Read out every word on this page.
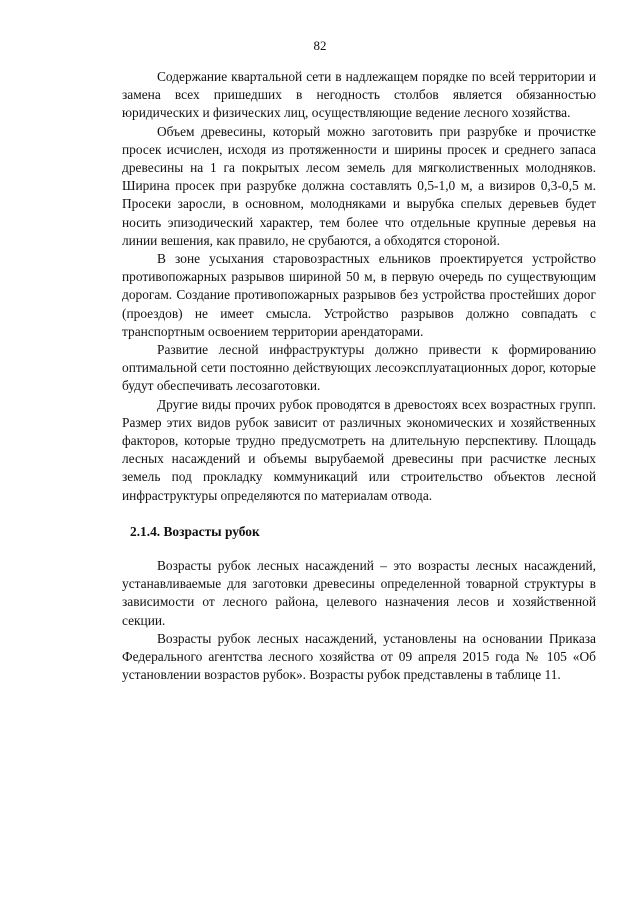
82

Содержание квартальной сети в надлежащем порядке по всей территории и замена всех пришедших в негодность столбов является обязанностью юридических и физических лиц, осуществляющие ведение лесного хозяйства.

Объем древесины, который можно заготовить при разрубке и прочистке просек исчислен, исходя из протяженности и ширины просек и среднего запаса древесины на 1 га покрытых лесом земель для мягколиственных молодняков. Ширина просек при разрубке должна составлять 0,5-1,0 м, а визиров 0,3-0,5 м. Просеки заросли, в основном, молодняками и вырубка спелых деревьев будет носить эпизодический характер, тем более что отдельные крупные деревья на линии вешения, как правило, не срубаются, а обходятся стороной.

В зоне усыхания старовозрастных ельников проектируется устройство противопожарных разрывов шириной 50 м, в первую очередь по существующим дорогам. Создание противопожарных разрывов без устройства простейших дорог (проездов) не имеет смысла. Устройство разрывов должно совпадать с транспортным освоением территории арендаторами.

Развитие лесной инфраструктуры должно привести к формированию оптимальной сети постоянно действующих лесоэксплуатационных дорог, которые будут обеспечивать лесозаготовки.

Другие виды прочих рубок проводятся в древостоях всех возрастных групп. Размер этих видов рубок зависит от различных экономических и хозяйственных факторов, которые трудно предусмотреть на длительную перспективу. Площадь лесных насаждений и объемы вырубаемой древесины при расчистке лесных земель под прокладку коммуникаций или строительство объектов лесной инфраструктуры определяются по материалам отвода.

2.1.4. Возрасты рубок

Возрасты рубок лесных насаждений – это возрасты лесных насаждений, устанавливаемые для заготовки древесины определенной товарной структуры в зависимости от лесного района, целевого назначения лесов и хозяйственной секции.

Возрасты рубок лесных насаждений, установлены на основании Приказа Федерального агентства лесного хозяйства от 09 апреля 2015 года № 105 «Об установлении возрастов рубок». Возрасты рубок представлены в таблице 11.
